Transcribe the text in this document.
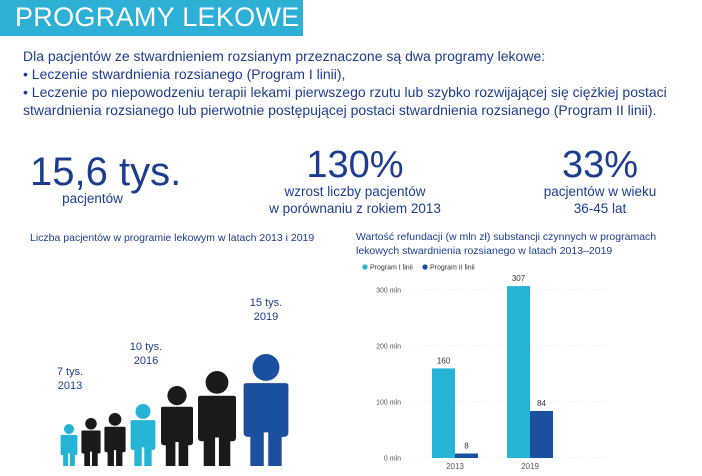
PROGRAMY LEKOWE
Dla pacjentów ze stwardnieniem rozsianym przeznaczone są dwa programy lekowe:
• Leczenie stwardnienia rozsianego (Program I linii),
• Leczenie po niepowodzeniu terapii lekami pierwszego rzutu lub szybko rozwijającej się ciężkiej postaci stwardnienia rozsianego lub pierwotnie postępującej postaci stwardnienia rozsianego (Program II linii).
15,6 tys.
pacjentów
130%
wzrost liczby pacjentów
w porównaniu z rokiem 2013
33%
pacjentów w wieku
36-45 lat
Liczba pacjentów w programie lekowym w latach 2013 i 2019
7 tys.
2013
10 tys.
2016
15 tys.
2019
Wartość refundacji (w mln zł) substancji czynnych w programach lekowych stwardnienia rozsianego w latach 2013–2019
Program I linii Program II linii
0 mln
100 mln
200 mln
300 mln
160
8
2013
307
84
2019
